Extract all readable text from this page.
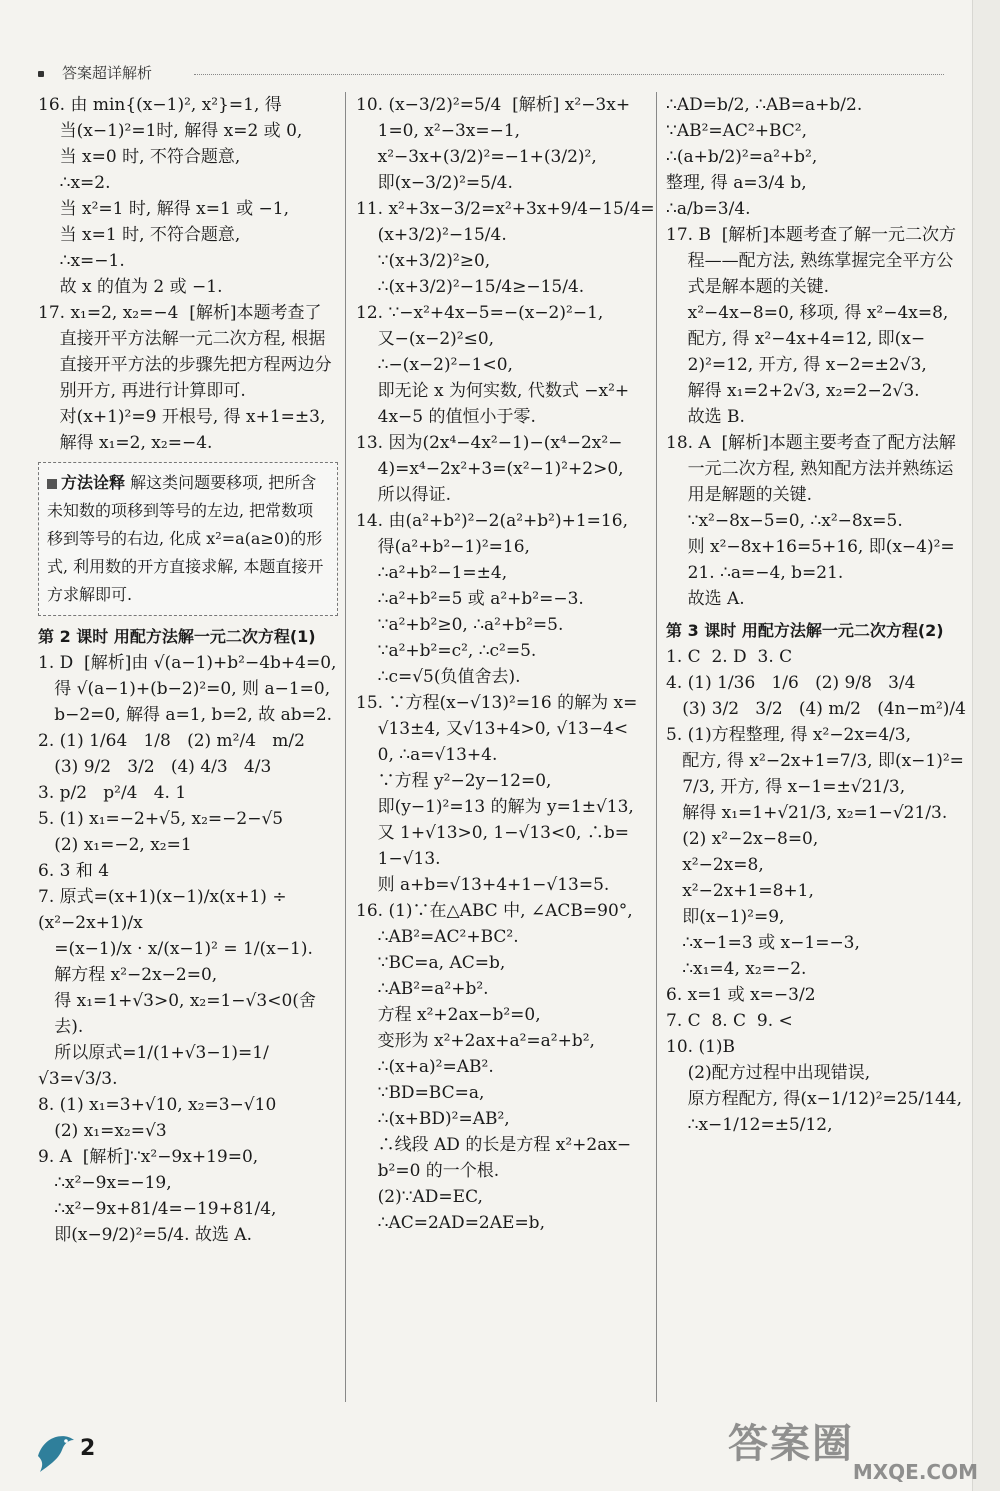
答案超详解析
16. 由 min{(x−1)², x²}=1, 得
当(x−1)²=1时, 解得 x=2 或 0,
当 x=0 时, 不符合题意,
∴x=2.
当 x²=1 时, 解得 x=1 或 −1,
当 x=1 时, 不符合题意,
∴x=−1.
故 x 的值为 2 或 −1.
17. x₁=2, x₂=−4  [解析]本题考查了
直接开平方法解一元二次方程, 根据
直接开平方法的步骤先把方程两边分
别开方, 再进行计算即可.
对(x+1)²=9 开根号, 得 x+1=±3,
解得 x₁=2, x₂=−4.
方法诠释 解这类问题要移项, 把所含未知数的项移到等号的左边, 把常数项移到等号的右边, 化成 x²=a(a≥0)的形式, 利用数的开方直接求解, 本题直接开方求解即可.
第 2 课时 用配方法解一元二次方程(1)
1. D  [解析]由 √(a−1)+b²−4b+4=0,
得 √(a−1)+(b−2)²=0, 则 a−1=0,
b−2=0, 解得 a=1, b=2, 故 ab=2.
2. (1) 1/64   1/8   (2) m²/4   m/2
(3) 9/2   3/2   (4) 4/3   4/3
3. p/2   p²/4   4. 1
5. (1) x₁=−2+√5, x₂=−2−√5
(2) x₁=−2, x₂=1
6. 3 和 4
7. 原式=(x+1)(x−1)/x(x+1) ÷ (x²−2x+1)/x
=(x−1)/x · x/(x−1)² = 1/(x−1).
解方程 x²−2x−2=0,
得 x₁=1+√3>0, x₂=1−√3<0(舍
去).
所以原式=1/(1+√3−1)=1/√3=√3/3.
8. (1) x₁=3+√10, x₂=3−√10
(2) x₁=x₂=√3
9. A  [解析]∵x²−9x+19=0,
∴x²−9x=−19,
∴x²−9x+81/4=−19+81/4,
即(x−9/2)²=5/4. 故选 A.
10. (x−3/2)²=5/4  [解析] x²−3x+
1=0, x²−3x=−1,
x²−3x+(3/2)²=−1+(3/2)²,
即(x−3/2)²=5/4.
11. x²+3x−3/2=x²+3x+9/4−15/4=
(x+3/2)²−15/4.
∵(x+3/2)²≥0,
∴(x+3/2)²−15/4≥−15/4.
12. ∵−x²+4x−5=−(x−2)²−1,
又−(x−2)²≤0,
∴−(x−2)²−1<0,
即无论 x 为何实数, 代数式 −x²+
4x−5 的值恒小于零.
13. 因为(2x⁴−4x²−1)−(x⁴−2x²−
4)=x⁴−2x²+3=(x²−1)²+2>0,
所以得证.
14. 由(a²+b²)²−2(a²+b²)+1=16,
得(a²+b²−1)²=16,
∴a²+b²−1=±4,
∴a²+b²=5 或 a²+b²=−3.
∵a²+b²≥0, ∴a²+b²=5.
∵a²+b²=c², ∴c²=5.
∴c=√5(负值舍去).
15. ∵方程(x−√13)²=16 的解为 x=
√13±4, 又√13+4>0, √13−4<
0, ∴a=√13+4.
∵方程 y²−2y−12=0,
即(y−1)²=13 的解为 y=1±√13,
又 1+√13>0, 1−√13<0, ∴b=
1−√13.
则 a+b=√13+4+1−√13=5.
16. (1)∵在△ABC 中, ∠ACB=90°,
∴AB²=AC²+BC².
∵BC=a, AC=b,
∴AB²=a²+b².
方程 x²+2ax−b²=0,
变形为 x²+2ax+a²=a²+b²,
∴(x+a)²=AB².
∵BD=BC=a,
∴(x+BD)²=AB²,
∴线段 AD 的长是方程 x²+2ax−
b²=0 的一个根.
(2)∵AD=EC,
∴AC=2AD=2AE=b,
∴AD=b/2, ∴AB=a+b/2.
∵AB²=AC²+BC²,
∴(a+b/2)²=a²+b²,
整理, 得 a=3/4 b,
∴a/b=3/4.
17. B  [解析]本题考查了解一元二次方
程——配方法, 熟练掌握完全平方公
式是解本题的关键.
x²−4x−8=0, 移项, 得 x²−4x=8,
配方, 得 x²−4x+4=12, 即(x−
2)²=12, 开方, 得 x−2=±2√3,
解得 x₁=2+2√3, x₂=2−2√3.
故选 B.
18. A  [解析]本题主要考查了配方法解
一元二次方程, 熟知配方法并熟练运
用是解题的关键.
∵x²−8x−5=0, ∴x²−8x=5.
则 x²−8x+16=5+16, 即(x−4)²=
21. ∴a=−4, b=21.
故选 A.
第 3 课时 用配方法解一元二次方程(2)
1. C  2. D  3. C
4. (1) 1/36   1/6   (2) 9/8   3/4
(3) 3/2   3/2   (4) m/2   (4n−m²)/4
5. (1)方程整理, 得 x²−2x=4/3,
配方, 得 x²−2x+1=7/3, 即(x−1)²=
7/3, 开方, 得 x−1=±√21/3,
解得 x₁=1+√21/3, x₂=1−√21/3.
(2) x²−2x−8=0,
x²−2x=8,
x²−2x+1=8+1,
即(x−1)²=9,
∴x−1=3 或 x−1=−3,
∴x₁=4, x₂=−2.
6. x=1 或 x=−3/2
7. C  8. C  9. <
10. (1)B
(2)配方过程中出现错误,
原方程配方, 得(x−1/12)²=25/144,
∴x−1/12=±5/12,
2	答案圈
MXQE.COM
